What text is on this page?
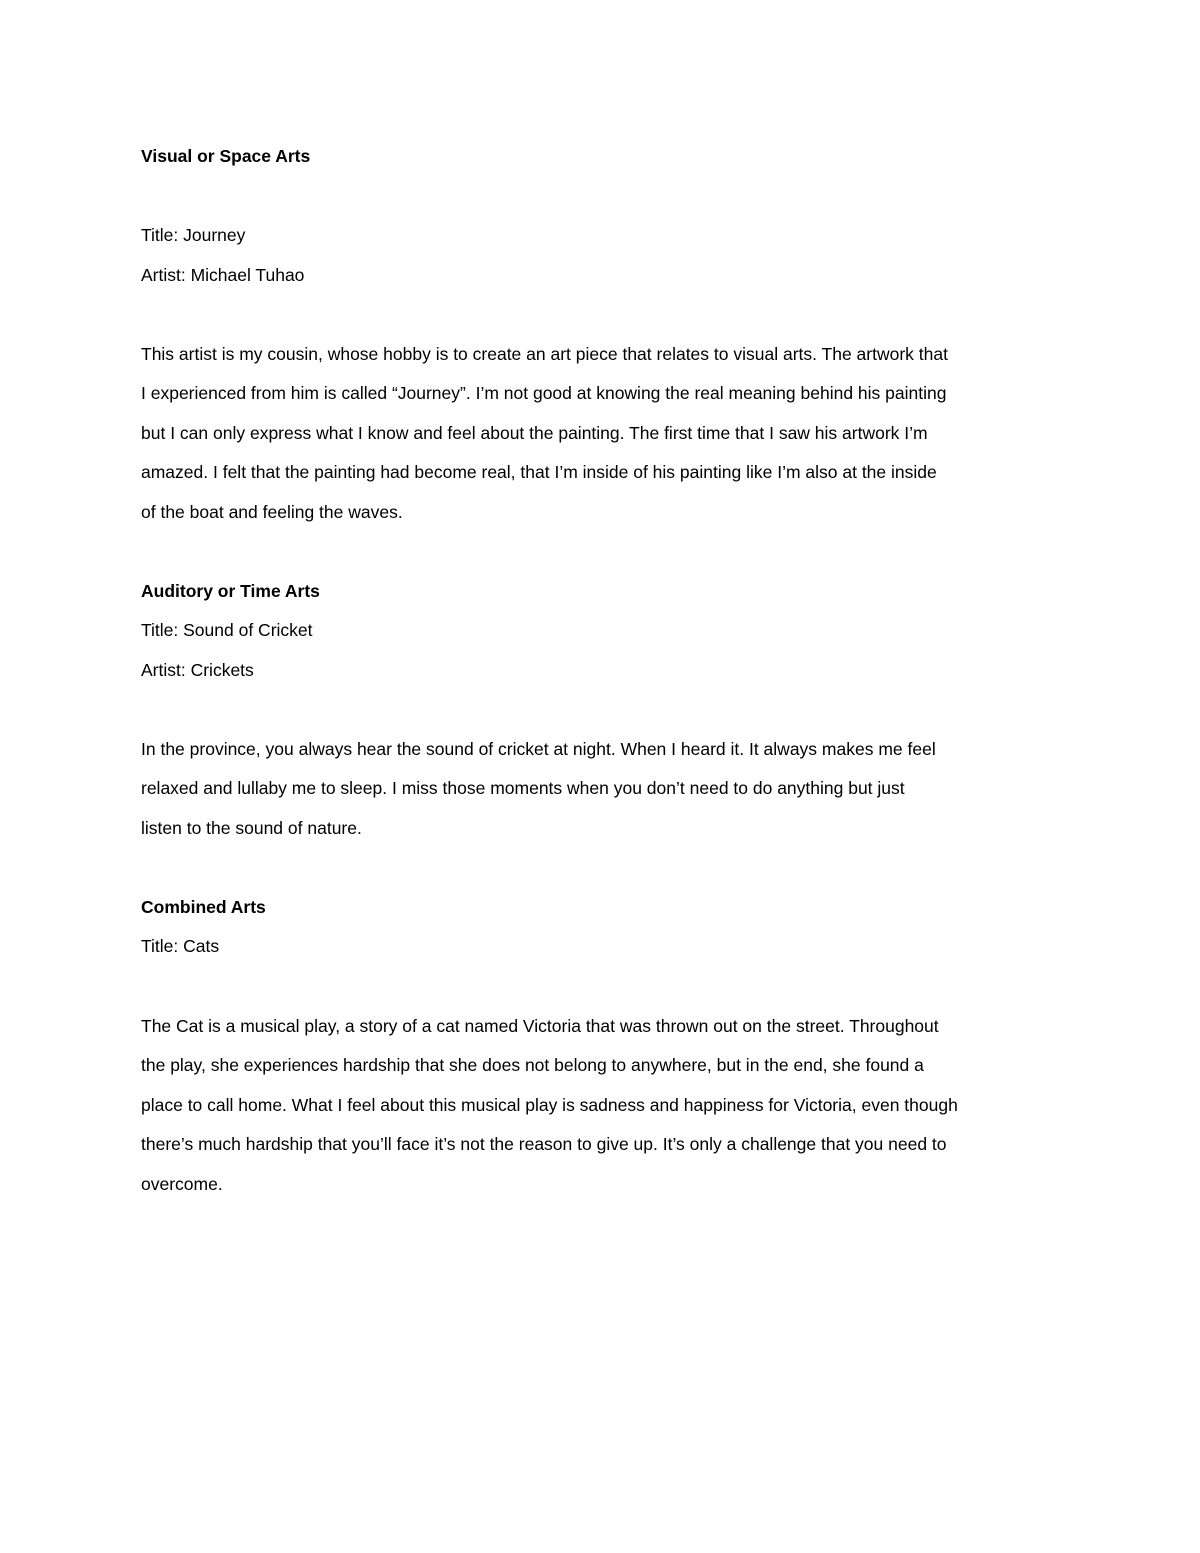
Visual or Space Arts
Title: Journey
Artist: Michael Tuhao
This artist is my cousin, whose hobby is to create an art piece that relates to visual arts. The artwork that
I experienced from him is called “Journey”. I’m not good at knowing the real meaning behind his painting
but I can only express what I know and feel about the painting. The first time that I saw his artwork I’m
amazed. I felt that the painting had become real, that I’m inside of his painting like I’m also at the inside
of the boat and feeling the waves.
Auditory or Time Arts
Title: Sound of Cricket
Artist: Crickets
In the province, you always hear the sound of cricket at night. When I heard it. It always makes me feel
relaxed and lullaby me to sleep. I miss those moments when you don’t need to do anything but just
listen to the sound of nature.
Combined Arts
Title: Cats
The Cat is a musical play, a story of a cat named Victoria that was thrown out on the street. Throughout
the play, she experiences hardship that she does not belong to anywhere, but in the end, she found a
place to call home. What I feel about this musical play is sadness and happiness for Victoria, even though
there’s much hardship that you’ll face it’s not the reason to give up. It’s only a challenge that you need to
overcome.
